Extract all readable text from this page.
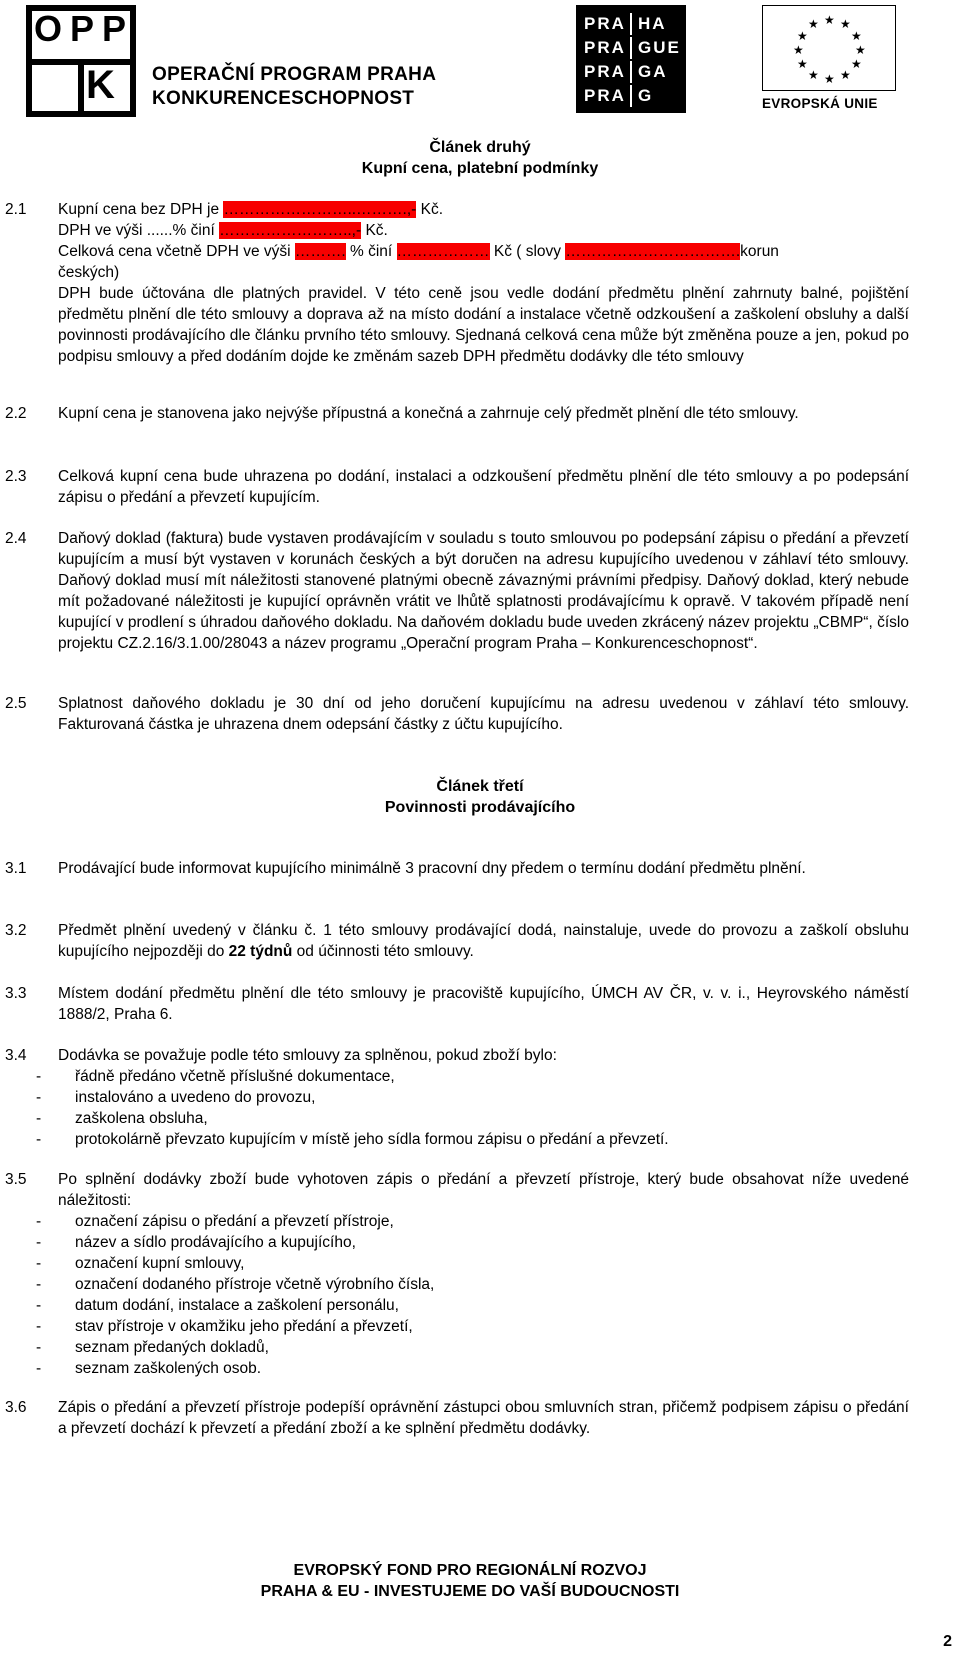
OPP
K OPERAČNÍ PROGRAM PRAHA
KONKURENCESCHOPNOST
PRA HA
PRA GUE
PRA GA
PRA G
★ ★
★
★
★
★
★
★
★
★
★
★
EVROPSKÁ UNIE
Článek druhý
Kupní cena, platební podmínky
2.1 Kupní cena bez DPH je ……………………..……….,- Kč.
DPH ve výši ......% činí ……………………..,- Kč.
Celková cena včetně DPH ve výši ………. % činí ……………… Kč ( slovy …………………………….korun
českých)
DPH bude účtována dle platných pravidel. V této ceně jsou vedle dodání předmětu plnění zahrnuty balné, pojištění předmětu plnění dle této smlouvy a doprava až na místo dodání a instalace včetně odzkoušení a zaškolení obsluhy a další povinnosti prodávajícího dle článku prvního této smlouvy. Sjednaná celková cena může být změněna pouze a jen, pokud po podpisu smlouvy a před dodáním dojde ke změnám sazeb DPH předmětu dodávky dle této smlouvy
2.2 Kupní cena je stanovena jako nejvýše přípustná a konečná a zahrnuje celý předmět plnění dle této smlouvy.
2.3 Celková kupní cena bude uhrazena po dodání, instalaci a odzkoušení předmětu plnění dle této smlouvy a po podepsání zápisu o předání a převzetí kupujícím.
2.4 Daňový doklad (faktura) bude vystaven prodávajícím v souladu s touto smlouvou po podepsání zápisu o předání a převzetí kupujícím a musí být vystaven v korunách českých a být doručen na adresu kupujícího uvedenou v záhlaví této smlouvy. Daňový doklad musí mít náležitosti stanovené platnými obecně závaznými právními předpisy. Daňový doklad, který nebude mít požadované náležitosti je kupující oprávněn vrátit ve lhůtě splatnosti prodávajícímu k opravě. V takovém případě není kupující v prodlení s úhradou daňového dokladu. Na daňovém dokladu bude uveden zkrácený název projektu „CBMP“, číslo projektu CZ.2.16/3.1.00/28043 a název programu „Operační program Praha – Konkurenceschopnost“.
2.5 Splatnost daňového dokladu je 30 dní od jeho doručení kupujícímu na adresu uvedenou v záhlaví této smlouvy. Fakturovaná částka je uhrazena dnem odepsání částky z účtu kupujícího.
Článek třetí
Povinnosti prodávajícího
3.1 Prodávající bude informovat kupujícího minimálně 3 pracovní dny předem o termínu dodání předmětu plnění.
3.2 Předmět plnění uvedený v článku č. 1 této smlouvy prodávající dodá, nainstaluje, uvede do provozu a zaškolí obsluhu kupujícího nejpozději do 22 týdnů od účinnosti této smlouvy.
3.3 Místem dodání předmětu plnění dle této smlouvy je pracoviště kupujícího, ÚMCH AV ČR, v. v. i., Heyrovského náměstí 1888/2, Praha 6.
3.4 Dodávka se považuje podle této smlouvy za splněnou, pokud zboží bylo:
- řádně předáno včetně příslušné dokumentace,
- instalováno a uvedeno do provozu,
- zaškolena obsluha,
- protokolárně převzato kupujícím v místě jeho sídla formou zápisu o předání a převzetí.
3.5 Po splnění dodávky zboží bude vyhotoven zápis o předání a převzetí přístroje, který bude obsahovat níže uvedené náležitosti:
- označení zápisu o předání a převzetí přístroje,
- název a sídlo prodávajícího a kupujícího,
- označení kupní smlouvy,
- označení dodaného přístroje včetně výrobního čísla,
- datum dodání, instalace a zaškolení personálu,
- stav přístroje v okamžiku jeho předání a převzetí,
- seznam předaných dokladů,
- seznam zaškolených osob.
3.6 Zápis o předání a převzetí přístroje podepíší oprávnění zástupci obou smluvních stran, přičemž podpisem zápisu o předání a převzetí dochází k převzetí a předání zboží a ke splnění předmětu dodávky.
EVROPSKÝ FOND PRO REGIONÁLNÍ ROZVOJ
PRAHA & EU - INVESTUJEME DO VAŠÍ BUDOUCNOSTI
2
